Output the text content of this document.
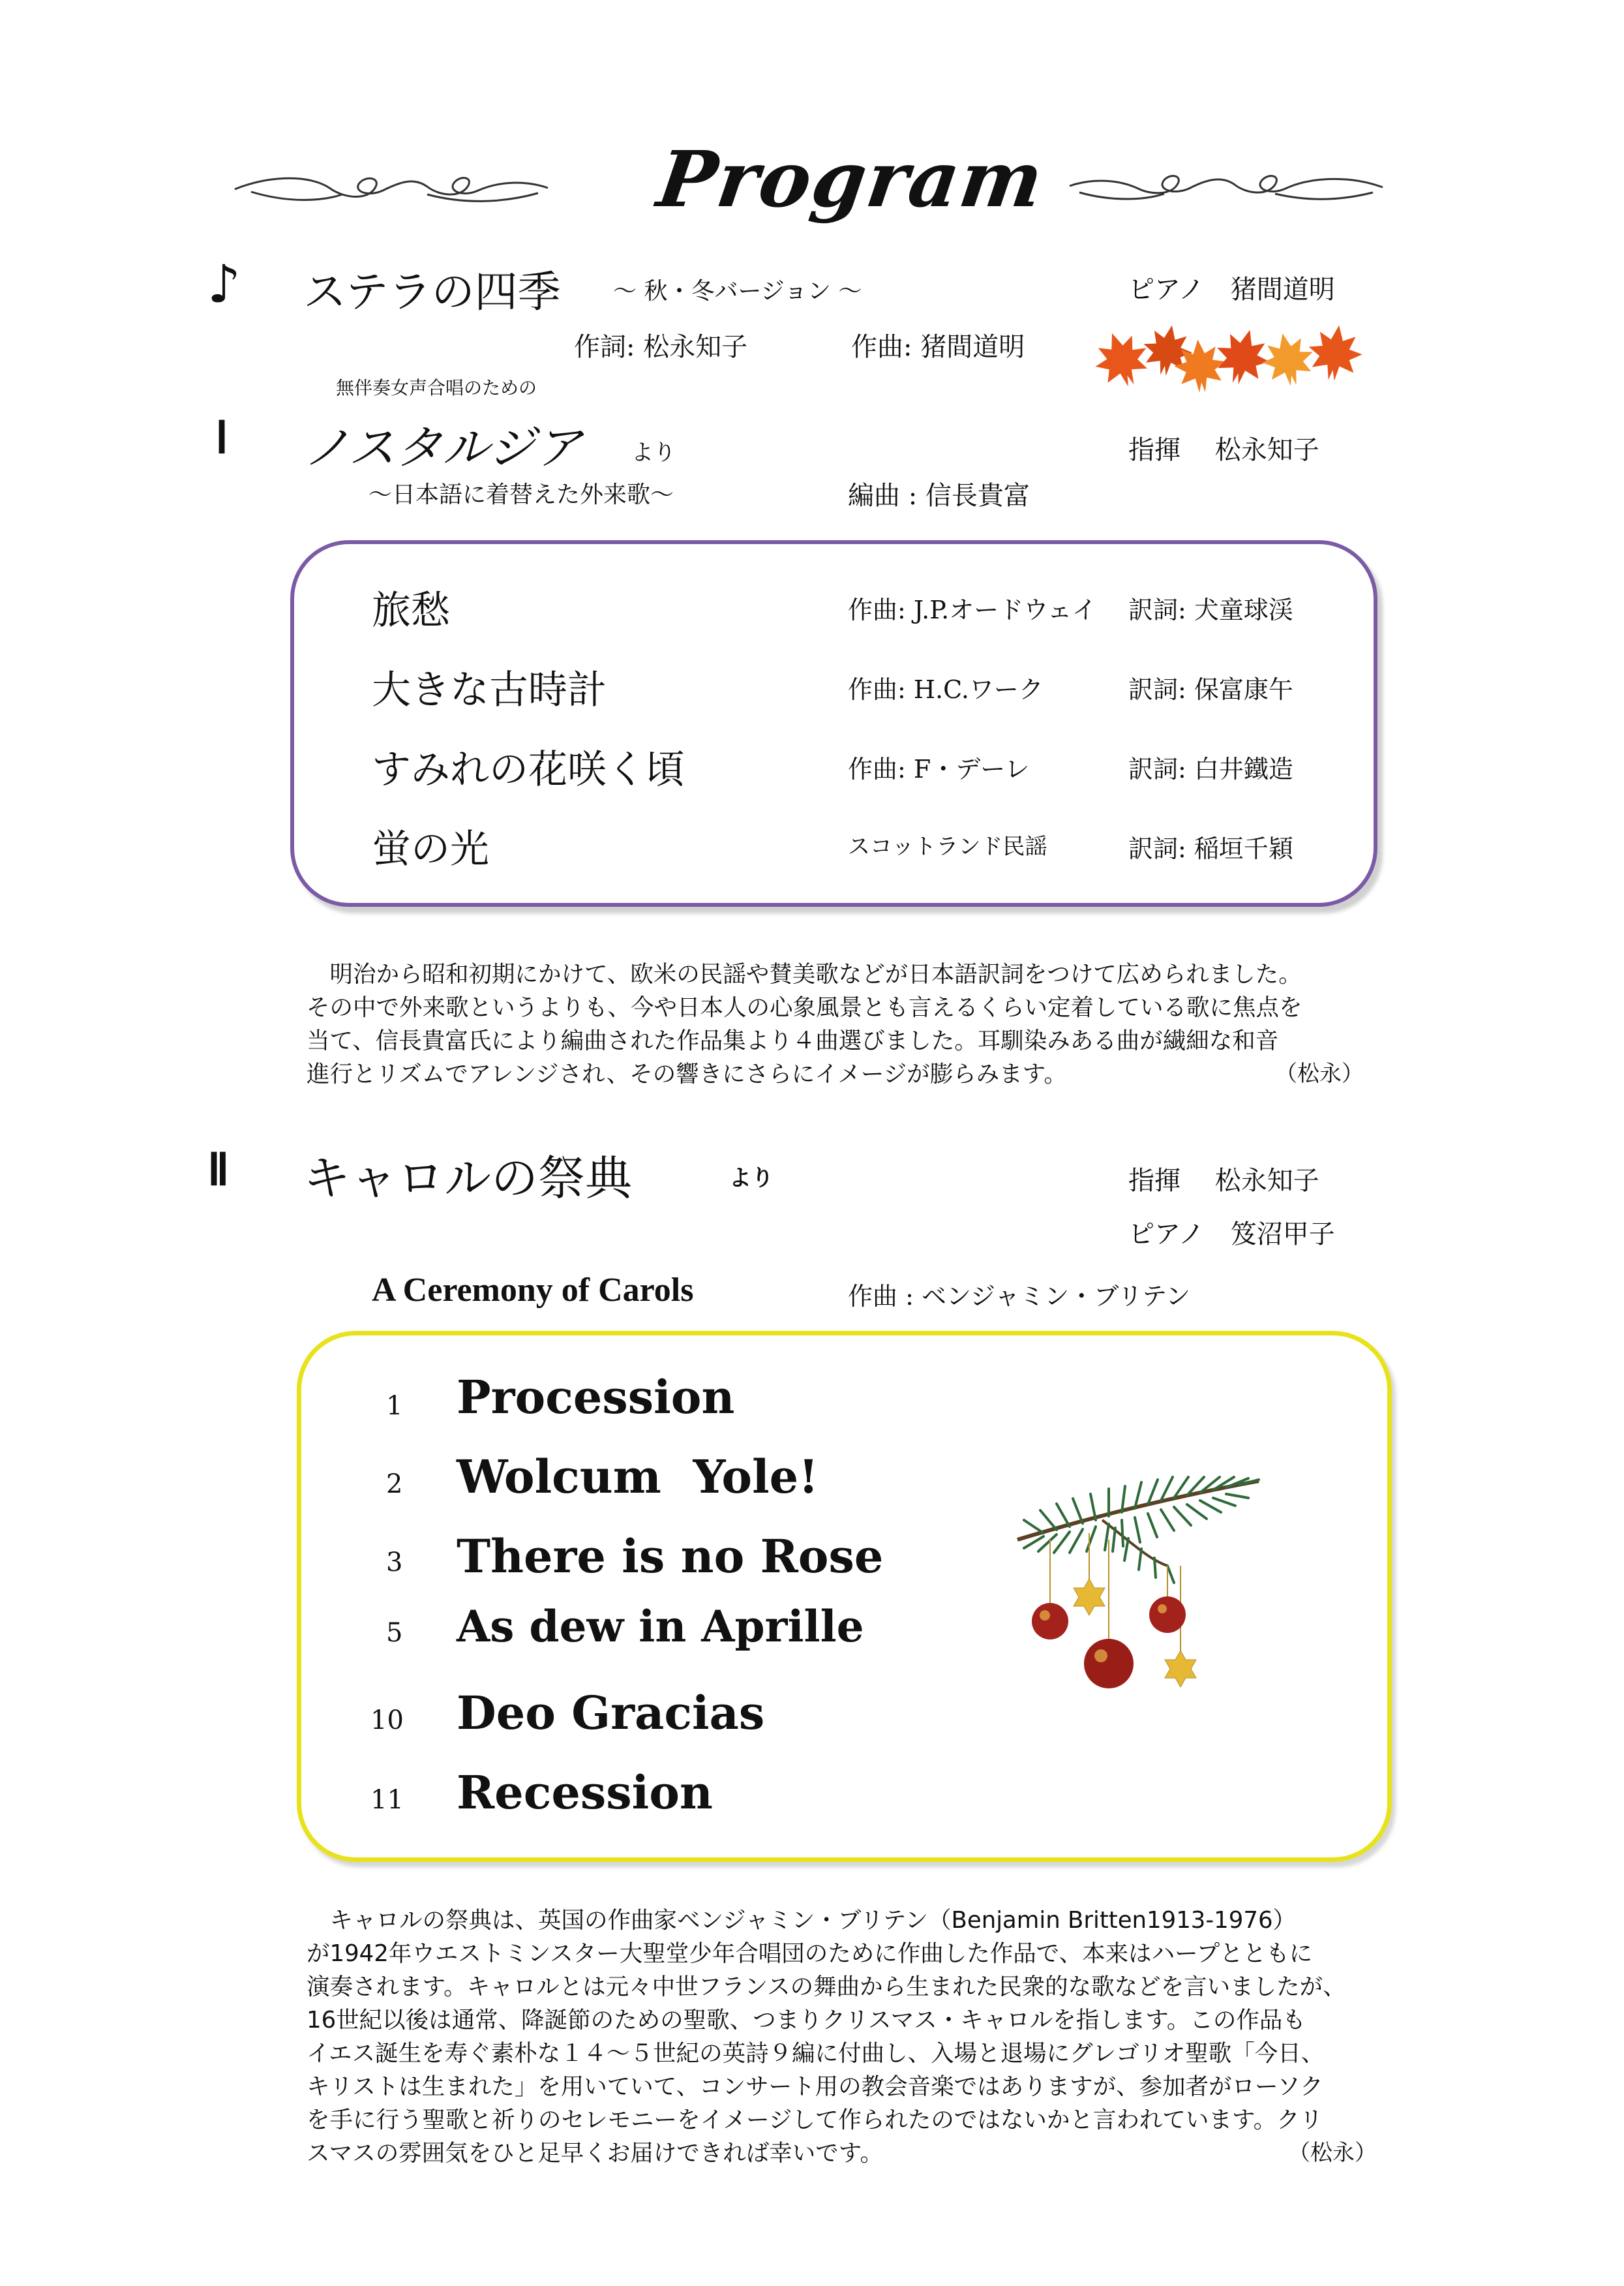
Program
♪ ステラの四季 ～ 秋・冬バージョン ～	ピアノ　猪間道明
作詞: 松永知子	作曲: 猪間道明
無伴奏女声合唱のための
Ⅰ ノスタルジア より	指揮　 松永知子
～日本語に着替えた外来歌～	編曲 : 信長貴富
旅愁	作曲: J.P.オードウェイ 訳詞: 犬童球渓
大きな古時計	作曲: H.C.ワーク	訳詞: 保富康午
すみれの花咲く頃	作曲: F・デーレ	訳詞: 白井鐵造
蛍の光	スコットランド民謡	訳詞: 稲垣千穎
　明治から昭和初期にかけて、欧米の民謡や賛美歌などが日本語訳詞をつけて広められました。
その中で外来歌というよりも、今や日本人の心象風景とも言えるくらい定着している歌に焦点を
当て、信長貴富氏により編曲された作品集より４曲選びました。耳馴染みある曲が繊細な和音
進行とリズムでアレンジされ、その響きにさらにイメージが膨らみます。	（松永）
Ⅱ キャロルの祭典	より	指揮　 松永知子
ピアノ　笈沼甲子
A Ceremony of Carols	作曲 : ベンジャミン・ブリテン
1 Procession
2 Wolcum  Yole!
3 There is no Rose
5 As dew in Aprille
10 Deo Gracias
11 Recession
　キャロルの祭典は、英国の作曲家ベンジャミン・ブリテン（Benjamin Britten1913-1976）
が1942年ウエストミンスター大聖堂少年合唱団のために作曲した作品で、本来はハープとともに
演奏されます。キャロルとは元々中世フランスの舞曲から生まれた民衆的な歌などを言いましたが、
16世紀以後は通常、降誕節のための聖歌、つまりクリスマス・キャロルを指します。この作品も
イエス誕生を寿ぐ素朴な１４～５世紀の英詩９編に付曲し、入場と退場にグレゴリオ聖歌「今日、
キリストは生まれた」を用いていて、コンサート用の教会音楽ではありますが、参加者がローソク
を手に行う聖歌と祈りのセレモニーをイメージして作られたのではないかと言われています。クリ
スマスの雰囲気をひと足早くお届けできれば幸いです。	（松永）
